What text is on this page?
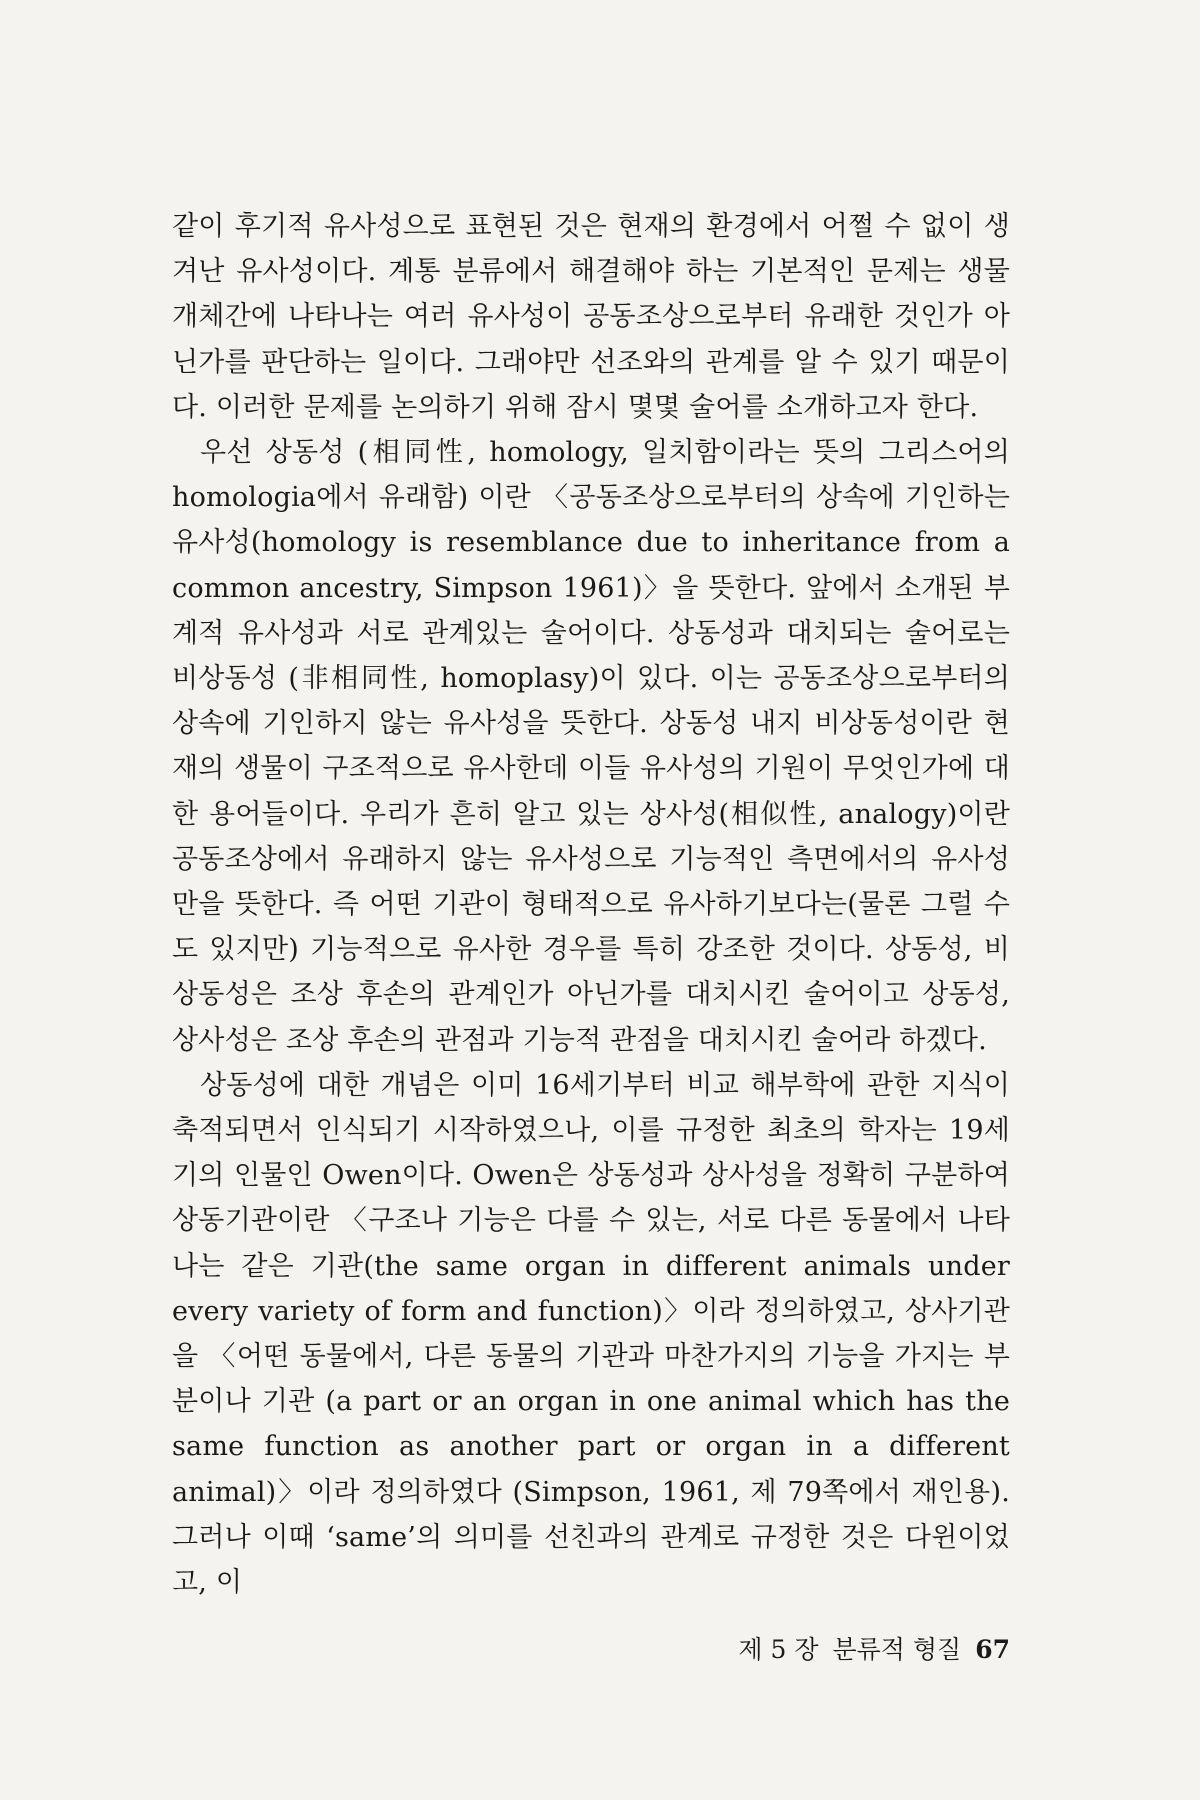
같이 후기적 유사성으로 표현된 것은 현재의 환경에서 어쩔 수 없이 생겨난 유사성이다. 계통 분류에서 해결해야 하는 기본적인 문제는 생물 개체간에 나타나는 여러 유사성이 공동조상으로부터 유래한 것인가 아닌가를 판단하는 일이다. 그래야만 선조와의 관계를 알 수 있기 때문이다. 이러한 문제를 논의하기 위해 잠시 몇몇 술어를 소개하고자 한다.

우선 상동성 (相同性, homology, 일치함이라는 뜻의 그리스어의 homologia에서 유래함) 이란 〈공동조상으로부터의 상속에 기인하는 유사성(homology is resemblance due to inheritance from a common ancestry, Simpson 1961)〉을 뜻한다. 앞에서 소개된 부계적 유사성과 서로 관계있는 술어이다. 상동성과 대치되는 술어로는 비상동성 (非相同性, homoplasy)이 있다. 이는 공동조상으로부터의 상속에 기인하지 않는 유사성을 뜻한다. 상동성 내지 비상동성이란 현재의 생물이 구조적으로 유사한데 이들 유사성의 기원이 무엇인가에 대한 용어들이다. 우리가 흔히 알고 있는 상사성(相似性, analogy)이란 공동조상에서 유래하지 않는 유사성으로 기능적인 측면에서의 유사성만을 뜻한다. 즉 어떤 기관이 형태적으로 유사하기보다는(물론 그럴 수도 있지만) 기능적으로 유사한 경우를 특히 강조한 것이다. 상동성, 비상동성은 조상 후손의 관계인가 아닌가를 대치시킨 술어이고 상동성, 상사성은 조상 후손의 관점과 기능적 관점을 대치시킨 술어라 하겠다.

상동성에 대한 개념은 이미 16세기부터 비교 해부학에 관한 지식이 축적되면서 인식되기 시작하였으나, 이를 규정한 최초의 학자는 19세기의 인물인 Owen이다. Owen은 상동성과 상사성을 정확히 구분하여 상동기관이란 〈구조나 기능은 다를 수 있는, 서로 다른 동물에서 나타나는 같은 기관(the same organ in different animals under every variety of form and function)〉이라 정의하였고, 상사기관을 〈어떤 동물에서, 다른 동물의 기관과 마찬가지의 기능을 가지는 부분이나 기관 (a part or an organ in one animal which has the same function as another part or organ in a different animal)〉이라 정의하였다 (Simpson, 1961, 제 79쪽에서 재인용). 그러나 이때 ‘same’의 의미를 선친과의 관계로 규정한 것은 다윈이었고, 이

제 5 장 분류적 형질 67
